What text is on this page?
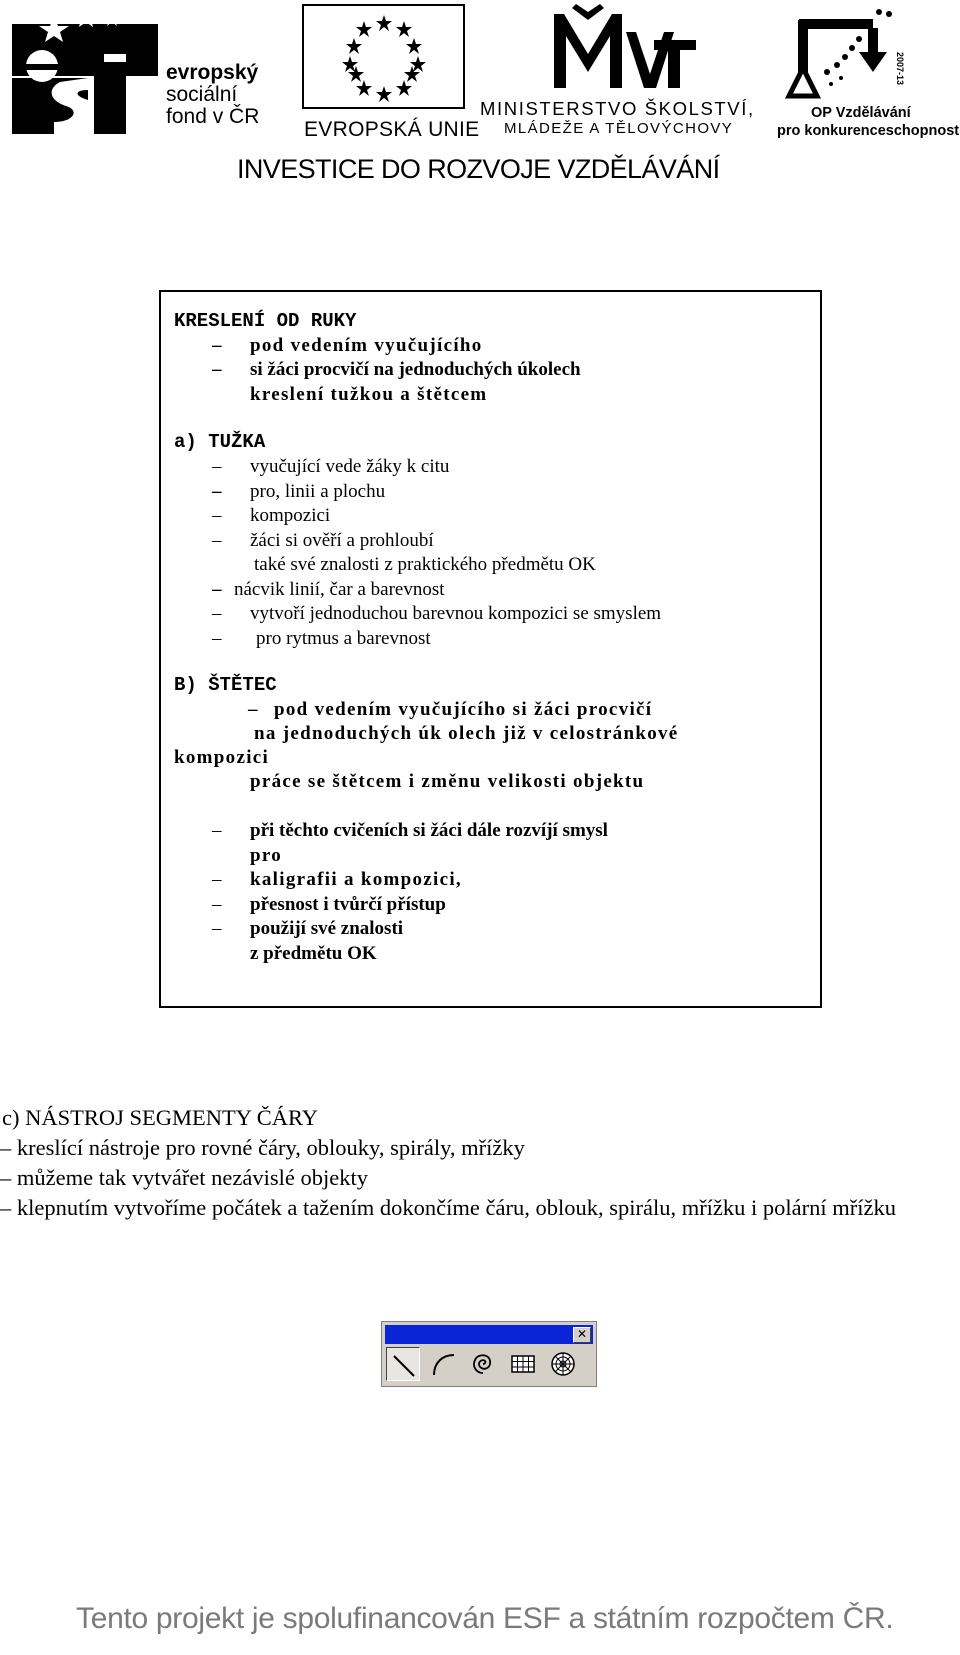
evropský
sociální
fond v ČR
EVROPSKÁ UNIE
MINISTERSTVO ŠKOLSTVÍ,
MLÁDEŽE A TĚLOVÝCHOVY
2007-13
OP Vzdělávání
pro konkurenceschopnost
INVESTICE DO ROZVOJE VZDĚLÁVÁNÍ
KRESLENÍ OD RUKY
– pod vedením vyučujícího
– si žáci procvičí na jednoduchých úkolech
kreslení tužkou a štětcem
a) TUŽKA
– vyučující vede žáky k citu
– pro, linii a plochu
– kompozici
– žáci si ověří a prohloubí
také své znalosti z praktického předmětu OK
– nácvik linií, čar a barevnost
– vytvoří jednoduchou barevnou kompozici se smyslem
– pro rytmus a barevnost
B) ŠTĚTEC
– pod vedením vyučujícího si žáci procvičí
na jednoduchých úk olech již v celostránkové
kompozici
práce se štětcem i změnu velikosti objektu
– při těchto cvičeních si žáci dále rozvíjí smysl
pro
– kaligrafii a kompozici,
– přesnost i tvůrčí přístup
– použijí své znalosti
z předmětu OK
c) NÁSTROJ SEGMENTY ČÁRY
– kreslící nástroje pro rovné čáry, oblouky, spirály, mřížky
– můžeme tak vytvářet nezávislé objekty
– klepnutím vytvoříme počátek a tažením dokončíme čáru, oblouk, spirálu, mřížku i polární mřížku
✕
Tento projekt je spolufinancován ESF a státním rozpočtem ČR.
